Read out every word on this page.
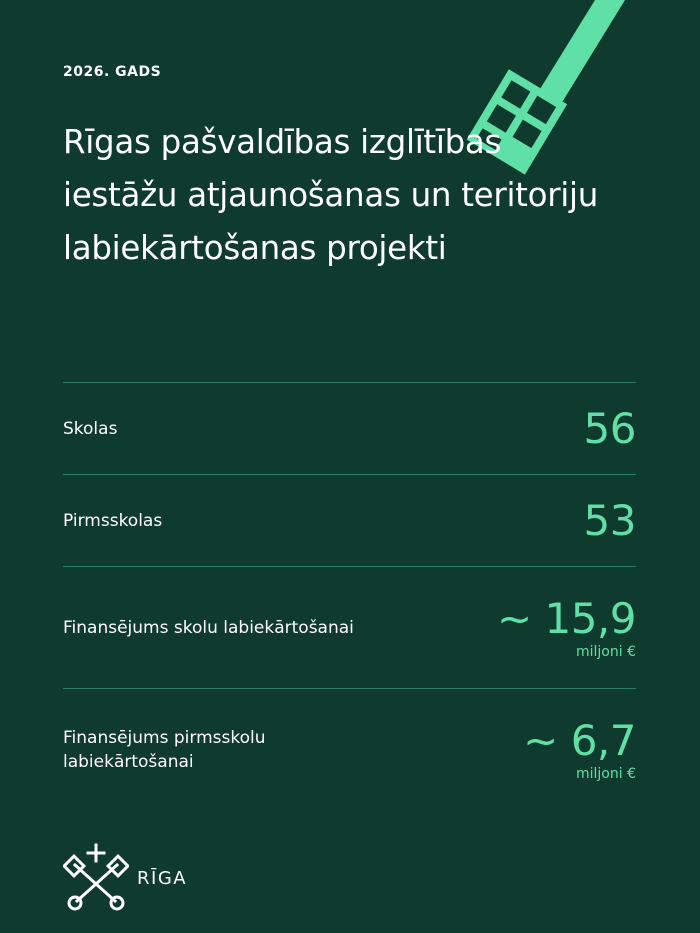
2026. GADS
Rīgas pašvaldības izglītības iestāžu atjaunošanas un teritoriju labiekārtošanas projekti
Skolas	56
Pirmsskolas	53
Finansējums skolu labiekārtošanai	~ 15,9
miljoni €
Finansējums pirmsskolu labiekārtošanai	~ 6,7
miljoni €
RĪGA
